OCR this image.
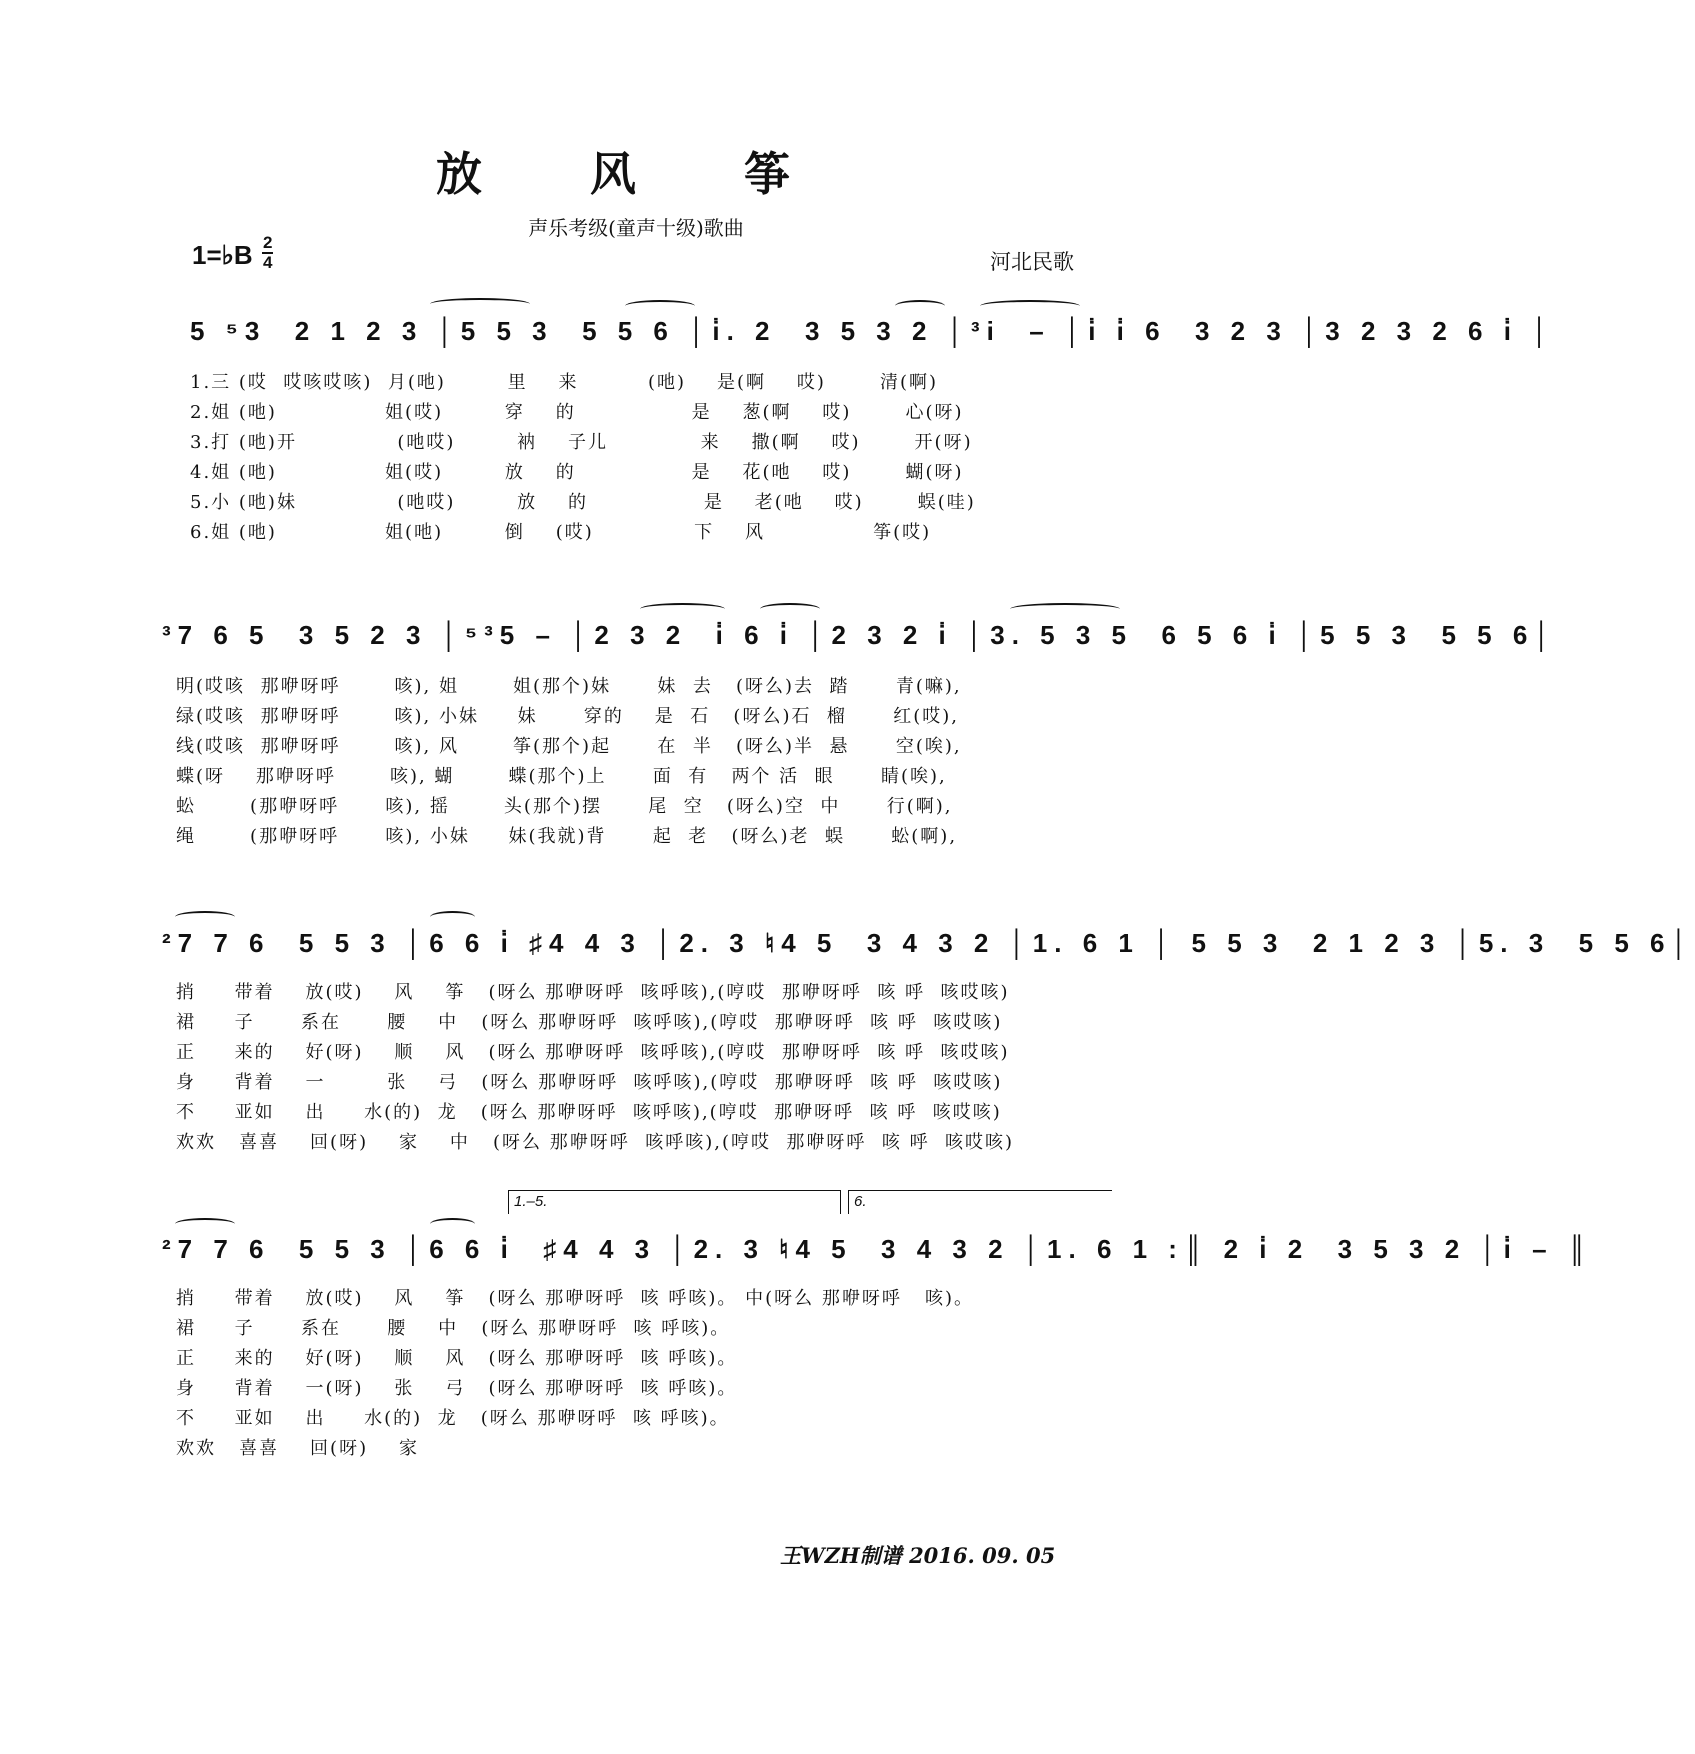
放 风 筝
声乐考级(童声十级)歌曲
1=♭B 2
4	河北民歌
5 ⁵3  2 1 2 3 │5 5 3  5 5 6 │i̇. 2  3 5 3 2 │³i  – │i̇ i̇ 6  3 2 3 │3 2 3 2 6 i̇ │
1.三 (哎  哎咳哎咳)  月(吔)        里    来         (吔)    是(啊    哎)       清(啊)
2.姐 (吔)              姐(哎)        穿    的               是    葱(啊    哎)       心(呀)
3.打 (吔)开             (吔哎)        衲    子儿            来    撒(啊    哎)       开(呀)
4.姐 (吔)              姐(哎)        放    的               是    花(吔    哎)       蝴(呀)
5.小 (吔)妹             (吔哎)        放    的               是    老(吔    哎)       蜈(哇)
6.姐 (吔)              姐(吔)        倒    (哎)             下    风              筝(哎)
³7 6 5  3 5 2 3 │⁵³5 – │2 3 2  i̇ 6 i̇ │2 3 2 i̇ │3. 5 3 5  6 5 6 i̇ │5 5 3  5 5 6│
明(哎咳  那咿呀呼       咳), 姐       姐(那个)妹      妹  去   (呀么)去  踏      青(嘛),
绿(哎咳  那咿呀呼       咳), 小妹     妹      穿的    是  石   (呀么)石  榴      红(哎),
线(哎咳  那咿呀呼       咳), 风       筝(那个)起      在  半   (呀么)半  悬      空(唉),
蝶(呀    那咿呀呼       咳), 蝴       蝶(那个)上      面  有   两个 活  眼      睛(唉),
蚣       (那咿呀呼      咳), 摇       头(那个)摆      尾  空   (呀么)空  中      行(啊),
绳       (那咿呀呼      咳), 小妹     妹(我就)背      起  老   (呀么)老  蜈      蚣(啊),
²7 7 6  5 5 3 │6 6 i̇ ♯4 4 3 │2. 3 ♮4 5  3 4 3 2 │1. 6 1 │ 5 5 3  2 1 2 3 │5. 3  5 5 6│
捎     带着    放(哎)    风    筝   (呀么 那咿呀呼  咳呼咳),(哼哎  那咿呀呼  咳 呼  咳哎咳)
裙     子      系在      腰    中   (呀么 那咿呀呼  咳呼咳),(哼哎  那咿呀呼  咳 呼  咳哎咳)
正     来的    好(呀)    顺    风   (呀么 那咿呀呼  咳呼咳),(哼哎  那咿呀呼  咳 呼  咳哎咳)
身     背着    一        张    弓   (呀么 那咿呀呼  咳呼咳),(哼哎  那咿呀呼  咳 呼  咳哎咳)
不     亚如    出     水(的)  龙   (呀么 那咿呀呼  咳呼咳),(哼哎  那咿呀呼  咳 呼  咳哎咳)
欢欢   喜喜    回(呀)    家    中   (呀么 那咿呀呼  咳呼咳),(哼哎  那咿呀呼  咳 呼  咳哎咳)
1.–5.	6.
²7 7 6  5 5 3 │6 6 i̇  ♯4 4 3 │2. 3 ♮4 5  3 4 3 2 │1. 6 1 :║ 2 i̇ 2  3 5 3 2 │i̇ – ║
捎     带着    放(哎)    风    筝   (呀么 那咿呀呼  咳 呼咳)。 中(呀么 那咿呀呼   咳)。
裙     子      系在      腰    中   (呀么 那咿呀呼  咳 呼咳)。
正     来的    好(呀)    顺    风   (呀么 那咿呀呼  咳 呼咳)。
身     背着    一(呀)    张    弓   (呀么 那咿呀呼  咳 呼咳)。
不     亚如    出     水(的)  龙   (呀么 那咿呀呼  咳 呼咳)。
欢欢   喜喜    回(呀)    家
王WZH制谱 2016. 09. 05
